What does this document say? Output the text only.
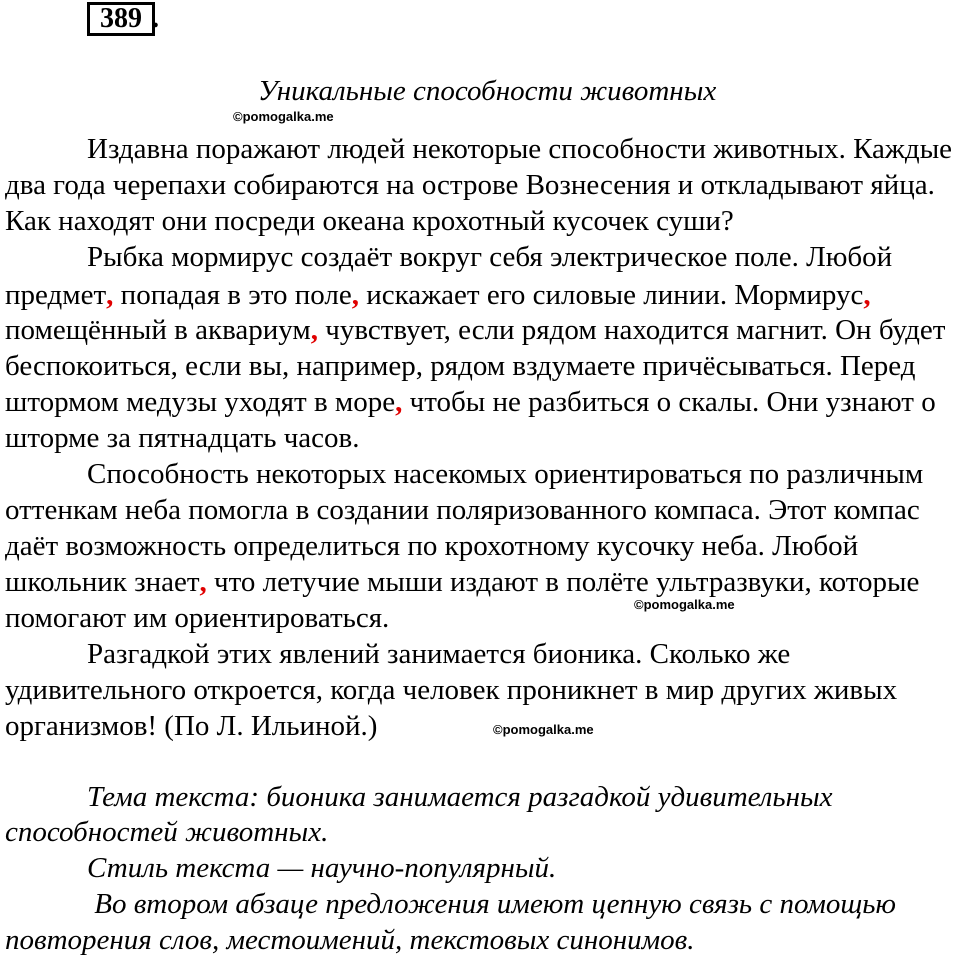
389 .
Уникальные способности животных
©pomogalka.me
Издавна поражают людей некоторые способности животных. Каждые
два года черепахи собираются на острове Вознесения и откладывают яйца.
Как находят они посреди океана крохотный кусочек суши?
Рыбка мормирус создаёт вокруг себя электрическое поле. Любой
предмет, попадая в это поле, искажает его силовые линии. Мормирус,
помещённый в аквариум, чувствует, если рядом находится магнит. Он будет
беспокоиться, если вы, например, рядом вздумаете причёсываться. Перед
штормом медузы уходят в море, чтобы не разбиться о скалы. Они узнают о
шторме за пятнадцать часов.
Способность некоторых насекомых ориентироваться по различным
оттенкам неба помогла в создании поляризованного компаса. Этот компас
даёт возможность определиться по крохотному кусочку неба. Любой
школьник знает, что летучие мыши издают в полёте ультразвуки, которые
помогают им ориентироваться.	©pomogalka.me
Разгадкой этих явлений занимается бионика. Сколько же
удивительного откроется, когда человек проникнет в мир других живых
организмов! (По Л. Ильиной.)	©pomogalka.me
Тема текста: бионика занимается разгадкой удивительных
способностей животных.
Стиль текста — научно-популярный.
Во втором абзаце предложения имеют цепную связь с помощью
повторения слов, местоимений, текстовых синонимов.
